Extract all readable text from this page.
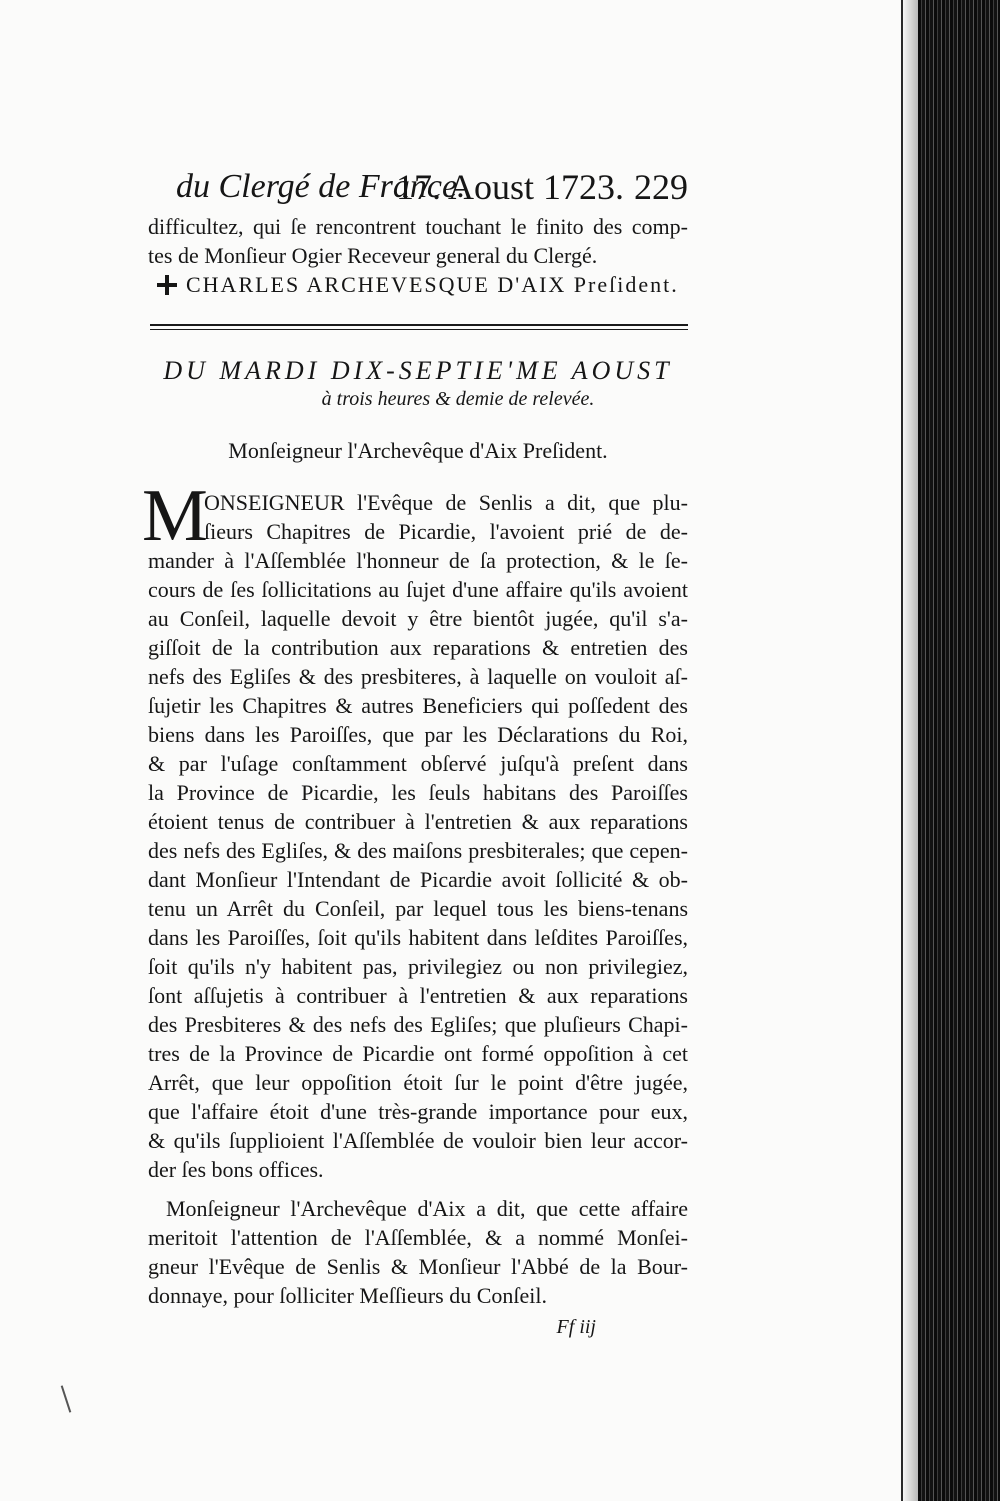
du Clergé de France.
17. Aoust 1723. 229
difficultez, qui ſe rencontrent touchant le finito des comp-
tes de Monſieur Ogier Receveur general du Clergé.
CHARLES ARCHEVESQUE D'AIX Preſident.
DU MARDI DIX-SEPTIE'ME AOUST
à trois heures & demie de relevée.
Monſeigneur l'Archevêque d'Aix Preſident.
M
ONSEIGNEUR l'Evêque de Senlis a dit, que plu-
ſieurs Chapitres de Picardie, l'avoient prié de de-
mander à l'Aſſemblée l'honneur de ſa protection, & le ſe-
cours de ſes ſollicitations au ſujet d'une affaire qu'ils avoient
au Conſeil, laquelle devoit y être bientôt jugée, qu'il s'a-
giſſoit de la contribution aux reparations & entretien des
nefs des Egliſes & des presbiteres, à laquelle on vouloit aſ-
ſujetir les Chapitres & autres Beneficiers qui poſſedent des
biens dans les Paroiſſes, que par les Déclarations du Roi,
& par l'uſage conſtamment obſervé juſqu'à preſent dans
la Province de Picardie, les ſeuls habitans des Paroiſſes
étoient tenus de contribuer à l'entretien & aux reparations
des nefs des Egliſes, & des maiſons presbiterales; que cepen-
dant Monſieur l'Intendant de Picardie avoit ſollicité & ob-
tenu un Arrêt du Conſeil, par lequel tous les biens-tenans
dans les Paroiſſes, ſoit qu'ils habitent dans leſdites Paroiſſes,
ſoit qu'ils n'y habitent pas, privilegiez ou non privilegiez,
ſont aſſujetis à contribuer à l'entretien & aux reparations
des Presbiteres & des nefs des Egliſes; que pluſieurs Chapi-
tres de la Province de Picardie ont formé oppoſition à cet
Arrêt, que leur oppoſition étoit ſur le point d'être jugée,
que l'affaire étoit d'une très-grande importance pour eux,
& qu'ils ſupplioient l'Aſſemblée de vouloir bien leur accor-
der ſes bons offices.
Monſeigneur l'Archevêque d'Aix a dit, que cette affaire
meritoit l'attention de l'Aſſemblée, & a nommé Monſei-
gneur l'Evêque de Senlis & Monſieur l'Abbé de la Bour-
donnaye, pour ſolliciter Meſſieurs du Conſeil.
Ff iij
